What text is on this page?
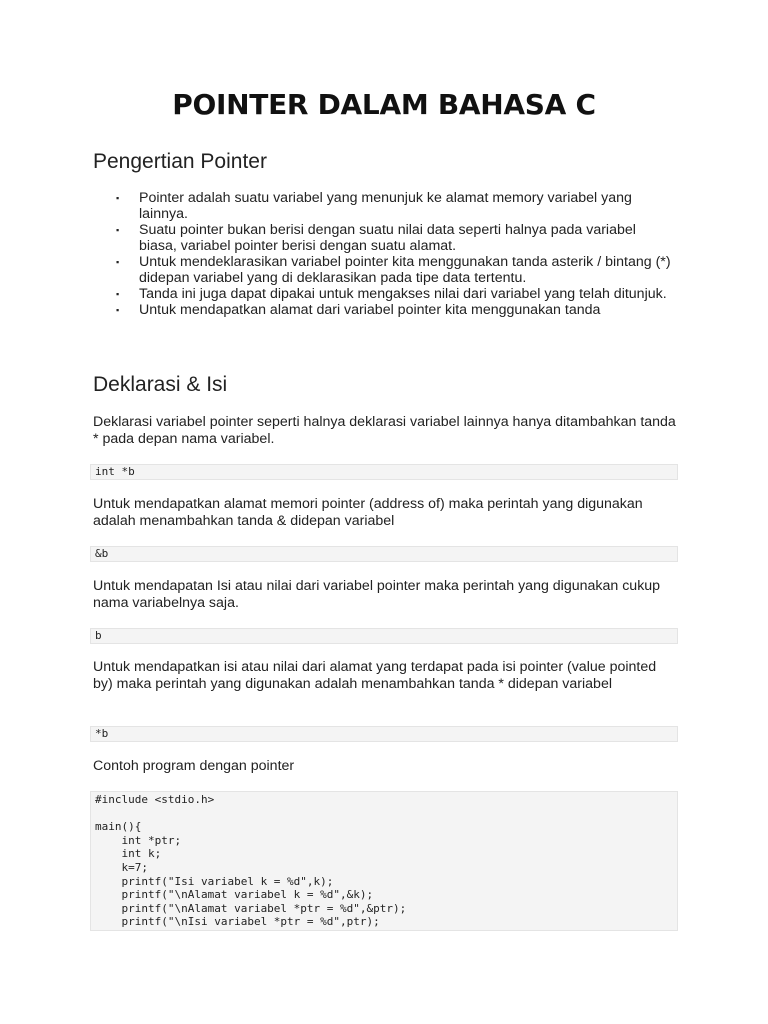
POINTER DALAM BAHASA C
Pengertian Pointer
▪ Pointer adalah suatu variabel yang menunjuk ke alamat memory variabel yang lainnya.
▪ Suatu pointer bukan berisi dengan suatu nilai data seperti halnya pada variabel biasa, variabel pointer berisi dengan suatu alamat.
▪ Untuk mendeklarasikan variabel pointer kita menggunakan tanda asterik / bintang (*) didepan variabel yang di deklarasikan pada tipe data tertentu.
▪ Tanda ini juga dapat dipakai untuk mengakses nilai dari variabel yang telah ditunjuk.
▪ Untuk mendapatkan alamat dari variabel pointer kita menggunakan tanda
Deklarasi & Isi

Deklarasi variabel pointer seperti halnya deklarasi variabel lainnya hanya ditambahkan tanda * pada depan nama variabel.

int *b

Untuk mendapatkan alamat memori pointer (address of) maka perintah yang digunakan adalah menambahkan tanda & didepan variabel

&b

Untuk mendapatan Isi atau nilai dari variabel pointer maka perintah yang digunakan cukup nama variabelnya saja.

b

Untuk mendapatkan isi atau nilai dari alamat yang terdapat pada isi pointer (value pointed by) maka perintah yang digunakan adalah menambahkan tanda * didepan variabel

*b

Contoh program dengan pointer

#include <stdio.h>

main(){
int *ptr;
int k;
k=7;
printf("Isi variabel k = %d",k);
printf("\nAlamat variabel k = %d",&k);
printf("\nAlamat variabel *ptr = %d",&ptr);
printf("\nIsi variabel *ptr = %d",ptr);
